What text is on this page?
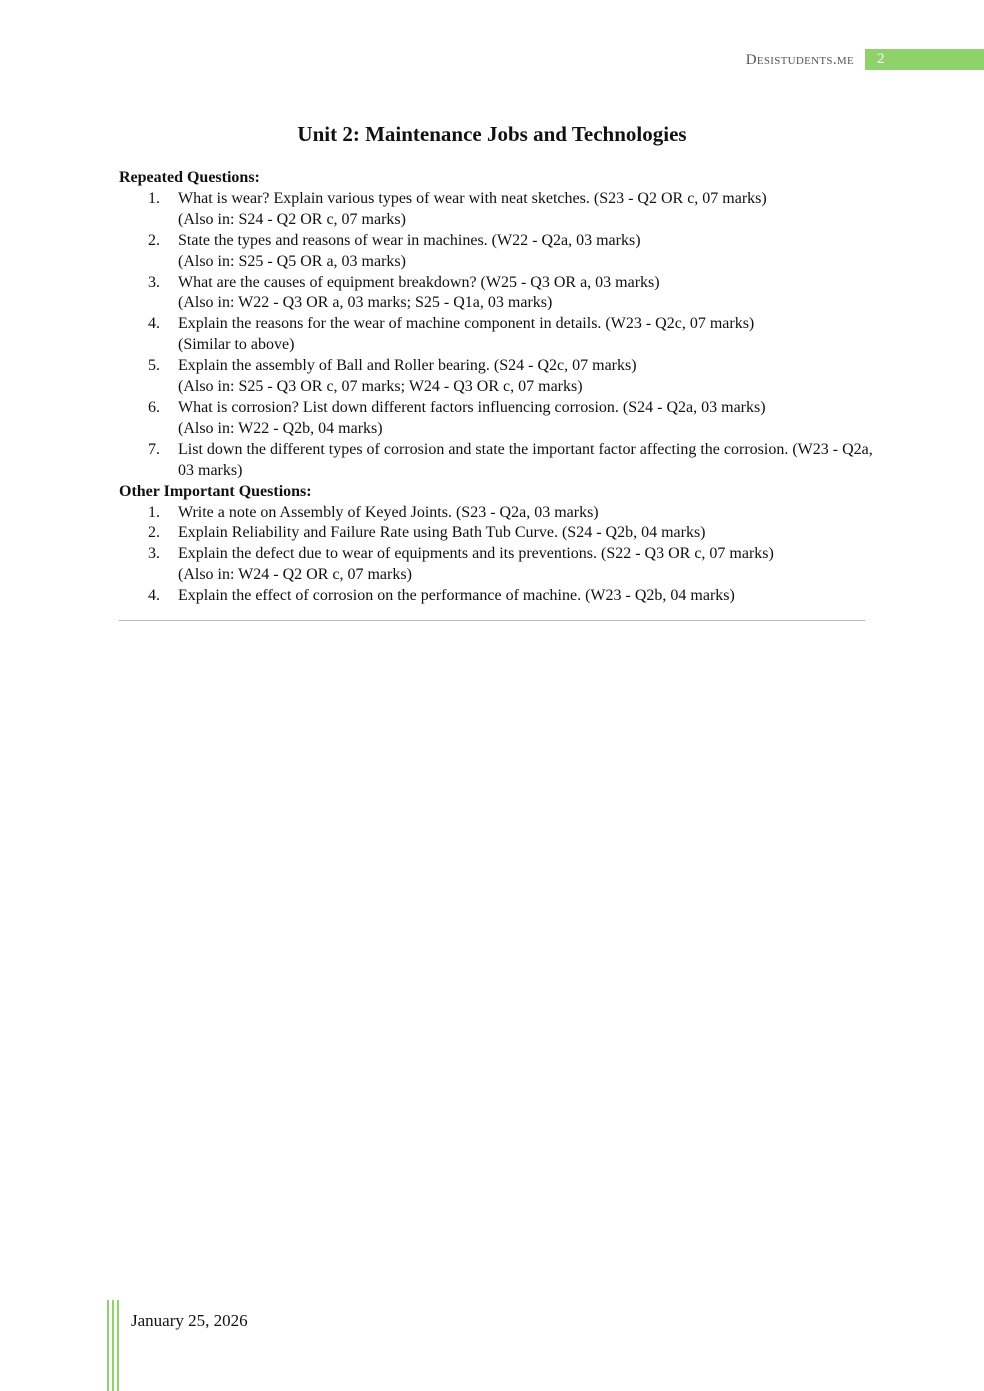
Desistudents.me	2
Unit 2: Maintenance Jobs and Technologies
Repeated Questions:
1. What is wear? Explain various types of wear with neat sketches. (S23 - Q2 OR c, 07 marks)
(Also in: S24 - Q2 OR c, 07 marks)
2. State the types and reasons of wear in machines. (W22 - Q2a, 03 marks)
(Also in: S25 - Q5 OR a, 03 marks)
3. What are the causes of equipment breakdown? (W25 - Q3 OR a, 03 marks)
(Also in: W22 - Q3 OR a, 03 marks; S25 - Q1a, 03 marks)
4. Explain the reasons for the wear of machine component in details. (W23 - Q2c, 07 marks)
(Similar to above)
5. Explain the assembly of Ball and Roller bearing. (S24 - Q2c, 07 marks)
(Also in: S25 - Q3 OR c, 07 marks; W24 - Q3 OR c, 07 marks)
6. What is corrosion? List down different factors influencing corrosion. (S24 - Q2a, 03 marks)
(Also in: W22 - Q2b, 04 marks)
7. List down the different types of corrosion and state the important factor affecting the corrosion. (W23 - Q2a, 03 marks)
Other Important Questions:
1. Write a note on Assembly of Keyed Joints. (S23 - Q2a, 03 marks)
2. Explain Reliability and Failure Rate using Bath Tub Curve. (S24 - Q2b, 04 marks)
3. Explain the defect due to wear of equipments and its preventions. (S22 - Q3 OR c, 07 marks)
(Also in: W24 - Q2 OR c, 07 marks)
4. Explain the effect of corrosion on the performance of machine. (W23 - Q2b, 04 marks)
January 25, 2026
